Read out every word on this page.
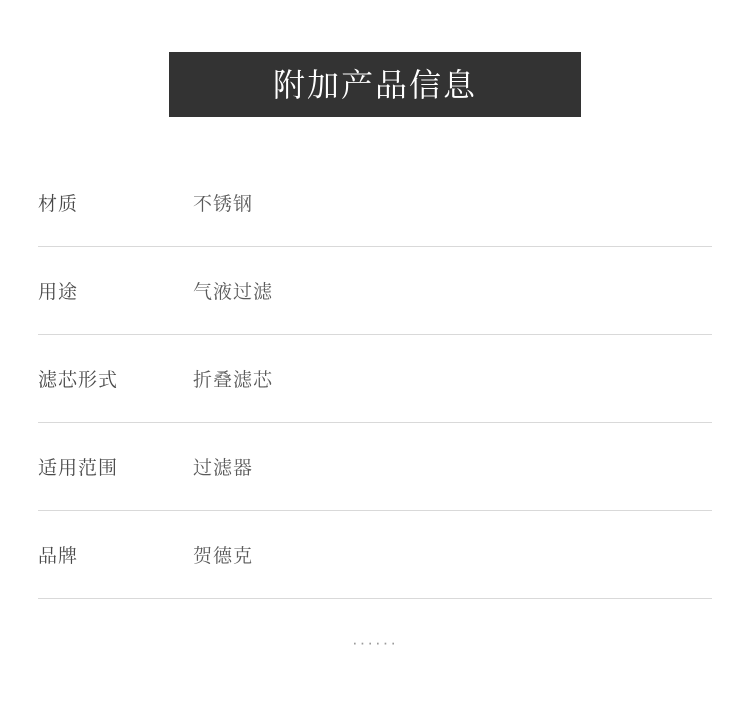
附加产品信息
材质	不锈钢
用途	气液过滤
滤芯形式	折叠滤芯
适用范围	过滤器
品牌	贺德克
······
